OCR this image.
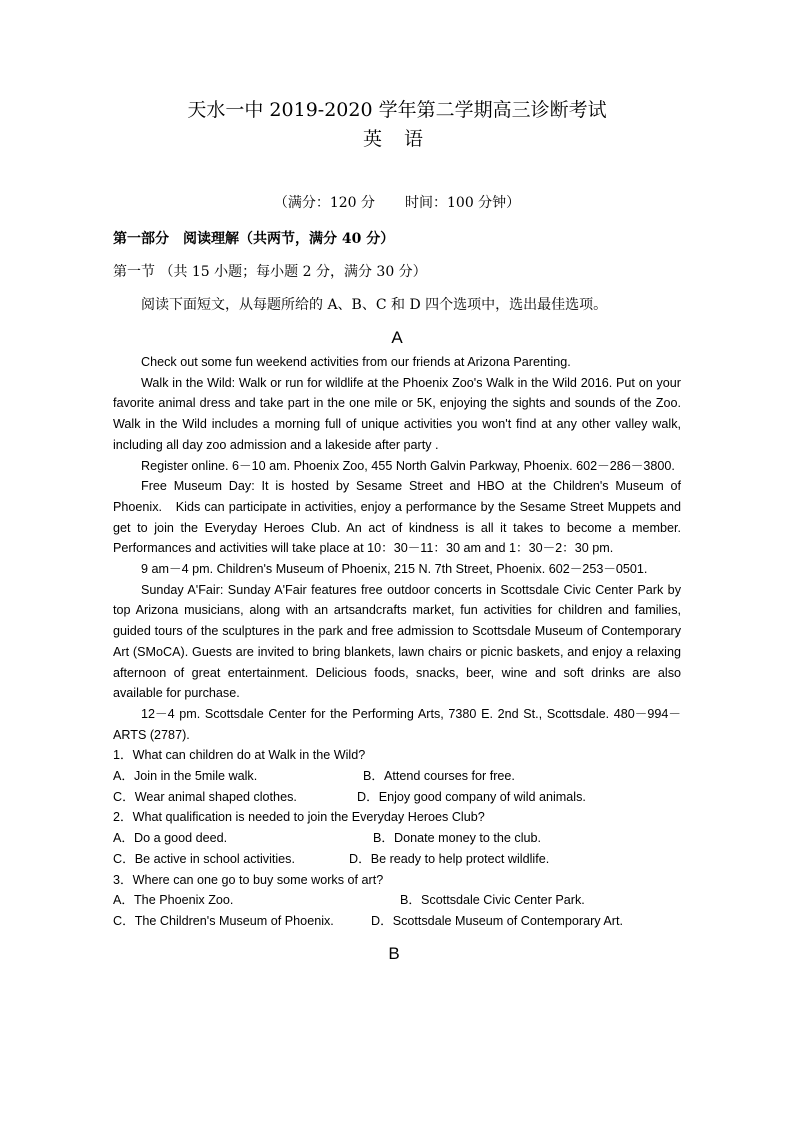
天水一中 2019-2020 学年第二学期高三诊断考试
英 语
（满分：120 分 时间：100 分钟）
第一部分　阅读理解（共两节，满分 40 分）
第一节 （共 15 小题；每小题 2 分，满分 30 分）
阅读下面短文，从每题所给的 A、B、C 和 D 四个选项中，选出最佳选项。
A

Check out some fun weekend activities from our friends at Arizona Parenting.

Walk in the Wild: Walk or run for wildlife at the Phoenix Zoo's Walk in the Wild 2016. Put on your favorite animal dress and take part in the one mile or 5K, enjoying the sights and sounds of the Zoo. Walk in the Wild includes a morning full of unique activities you won't find at any other valley walk, including all day zoo admission and a lakeside after party .

Register online. 6－10 am. Phoenix Zoo, 455 North Galvin Parkway, Phoenix. 602－286－3800.

Free Museum Day: It is hosted by Sesame Street and HBO at the Children's Museum of Phoenix.　Kids can participate in activities, enjoy a performance by the Sesame Street Muppets and get to join the Everyday Heroes Club. An act of kindness is all it takes to become a member. Performances and activities will take place at 10：30－11：30 am and 1：30－2：30 pm.

9 am－4 pm. Children's Museum of Phoenix, 215 N. 7th Street, Phoenix. 602－253－0501.

Sunday A'Fair: Sunday A'Fair features free outdoor concerts in Scottsdale Civic Center Park by top Arizona musicians, along with an artsandcrafts market, fun activities for children and families, guided tours of the sculptures in the park and free admission to Scottsdale Museum of Contemporary Art (SMoCA). Guests are invited to bring blankets, lawn chairs or picnic baskets, and enjoy a relaxing afternoon of great entertainment. Delicious foods, snacks, beer, wine and soft drinks are also available for purchase.

12－4 pm. Scottsdale Center for the Performing Arts, 7380 E. 2nd St., Scottsdale. 480－994－ARTS (2787).

1．What can children do at Walk in the Wild?

A．Join in the 5mile walk.	B．Attend courses for free.

C．Wear animal shaped clothes.	D．Enjoy good company of wild animals.

2．What qualification is needed to join the Everyday Heroes Club?

A．Do a good deed.	B．Donate money to the club.

C．Be active in school activities.	D．Be ready to help protect wildlife.

3．Where can one go to buy some works of art?

A．The Phoenix Zoo.	B．Scottsdale Civic Center Park.

C．The Children's Museum of Phoenix.	D．Scottsdale Museum of Contemporary Art.

B
